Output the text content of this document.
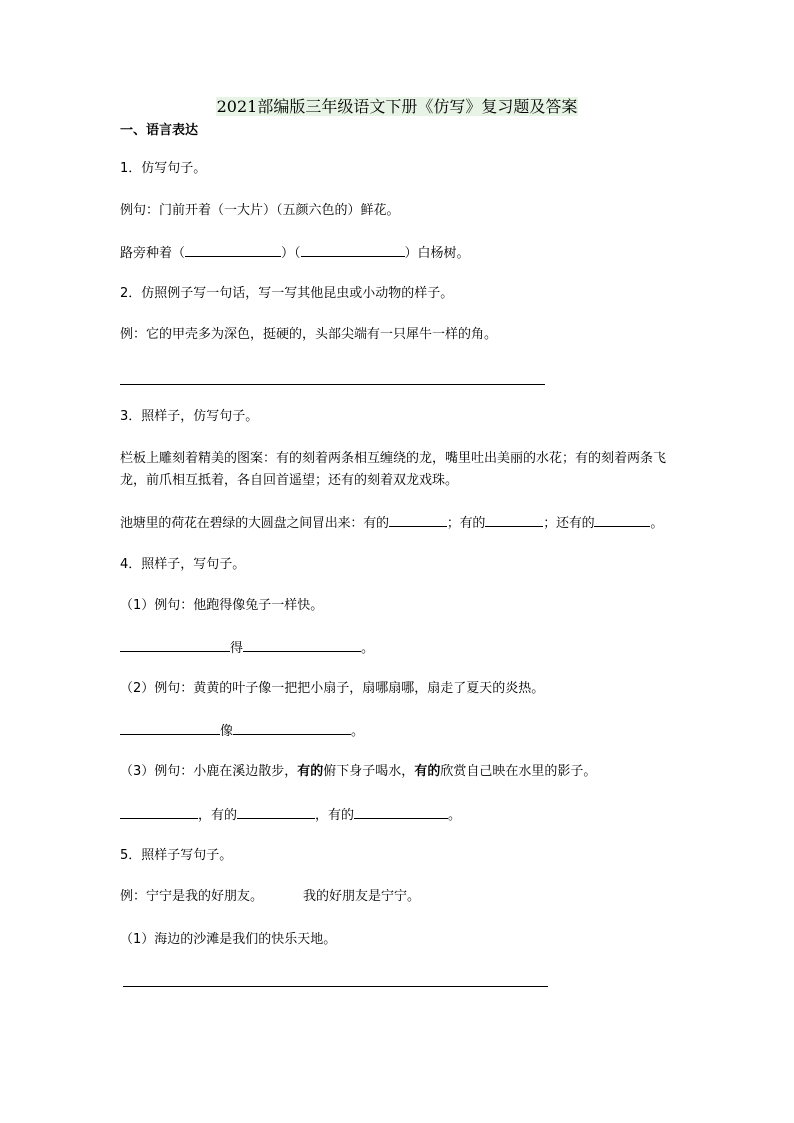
2021部编版三年级语文下册《仿写》复习题及答案
一、语言表达
1．仿写句子。
例句：门前开着（一大片）（五颜六色的）鲜花。
路旁种着（	）（	）白杨树。
2．仿照例子写一句话，写一写其他昆虫或小动物的样子。
例：它的甲壳多为深色，挺硬的，头部尖端有一只犀牛一样的角。
3．照样子，仿写句子。
栏板上雕刻着精美的图案：有的刻着两条相互缠绕的龙，嘴里吐出美丽的水花；有的刻着两条飞龙，前爪相互抵着，各自回首遥望；还有的刻着双龙戏珠。
池塘里的荷花在碧绿的大圆盘之间冒出来：有的	；有的	；还有的	。
4．照样子，写句子。
（1）例句：他跑得像兔子一样快。
得	。
（2）例句：黄黄的叶子像一把把小扇子，扇哪扇哪，扇走了夏天的炎热。
像	。
（3）例句：小鹿在溪边散步，有的俯下身子喝水，有的欣赏自己映在水里的影子。
，有的	，有的	。
5．照样子写句子。
例：宁宁是我的好朋友。	我的好朋友是宁宁。
（1）海边的沙滩是我们的快乐天地。
